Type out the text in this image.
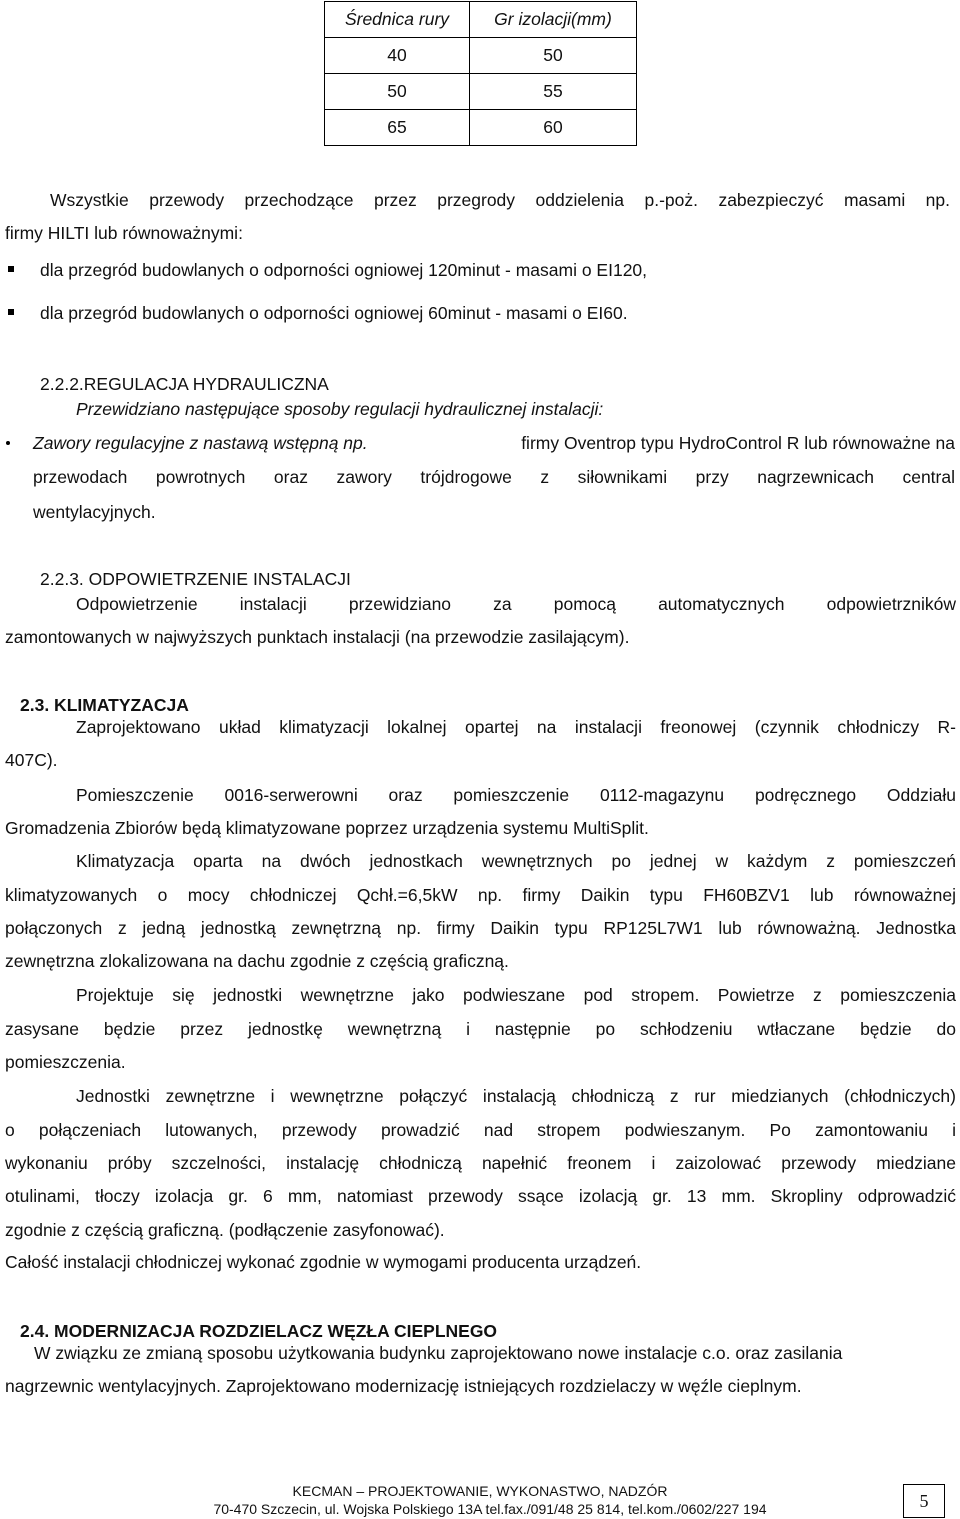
Średnica rury	Gr izolacji(mm)
40	50
50	55
65	60
Wszystkie przewody przechodzące przez przegrody oddzielenia p.-poż. zabezpieczyć masami np.
firmy HILTI lub równoważnymi:
dla przegród budowlanych o odporności ogniowej 120minut - masami o EI120,
dla przegród budowlanych o odporności ogniowej 60minut - masami o EI60.
2.2.2.REGULACJA HYDRAULICZNA
Przewidziano następujące sposoby regulacji hydraulicznej instalacji:
Zawory regulacyjne z nastawą wstępną np.	firmy Oventrop typu HydroControl R lub równoważne na
przewodach powrotnych oraz zawory trójdrogowe z siłownikami przy nagrzewnicach central
wentylacyjnych.
2.2.3. ODPOWIETRZENIE INSTALACJI
Odpowietrzenie instalacji przewidziano za pomocą automatycznych odpowietrzników
zamontowanych w najwyższych punktach instalacji (na przewodzie zasilającym).
2.3. KLIMATYZACJA
Zaprojektowano układ klimatyzacji lokalnej opartej na instalacji freonowej (czynnik chłodniczy R-
407C).
Pomieszczenie 0016-serwerowni oraz pomieszczenie 0112-magazynu podręcznego Oddziału
Gromadzenia Zbiorów będą klimatyzowane poprzez urządzenia systemu MultiSplit.
Klimatyzacja oparta na dwóch jednostkach wewnętrznych po jednej w każdym z pomieszczeń
klimatyzowanych o mocy chłodniczej Qchł.=6,5kW np. firmy Daikin typu FH60BZV1 lub równoważnej
połączonych z jedną jednostką zewnętrzną np. firmy Daikin typu RP125L7W1 lub równoważną. Jednostka
zewnętrzna zlokalizowana na dachu zgodnie z częścią graficzną.
Projektuje się jednostki wewnętrzne jako podwieszane pod stropem. Powietrze z pomieszczenia
zasysane będzie przez jednostkę wewnętrzną i następnie po schłodzeniu wtłaczane będzie do
pomieszczenia.
Jednostki zewnętrzne i wewnętrzne połączyć instalacją chłodniczą z rur miedzianych (chłodniczych)
o połączeniach lutowanych, przewody prowadzić nad stropem podwieszanym. Po zamontowaniu i
wykonaniu próby szczelności, instalację chłodniczą napełnić freonem i zaizolować przewody miedziane
otulinami, tłoczy izolacja gr. 6 mm, natomiast przewody ssące izolacją gr. 13 mm. Skropliny odprowadzić
zgodnie z częścią graficzną. (podłączenie zasyfonować).
Całość instalacji chłodniczej wykonać zgodnie w wymogami producenta urządzeń.
2.4. MODERNIZACJA ROZDZIELACZ WĘZŁA CIEPLNEGO
W związku ze zmianą sposobu użytkowania budynku zaprojektowano nowe instalacje c.o. oraz zasilania
nagrzewnic wentylacyjnych. Zaprojektowano modernizację istniejących rozdzielaczy w węźle cieplnym.
KECMAN – PROJEKTOWANIE, WYKONASTWO, NADZÓR
70-470 Szczecin, ul. Wojska Polskiego 13A tel.fax./091/48 25 814, tel.kom./0602/227 194	5
